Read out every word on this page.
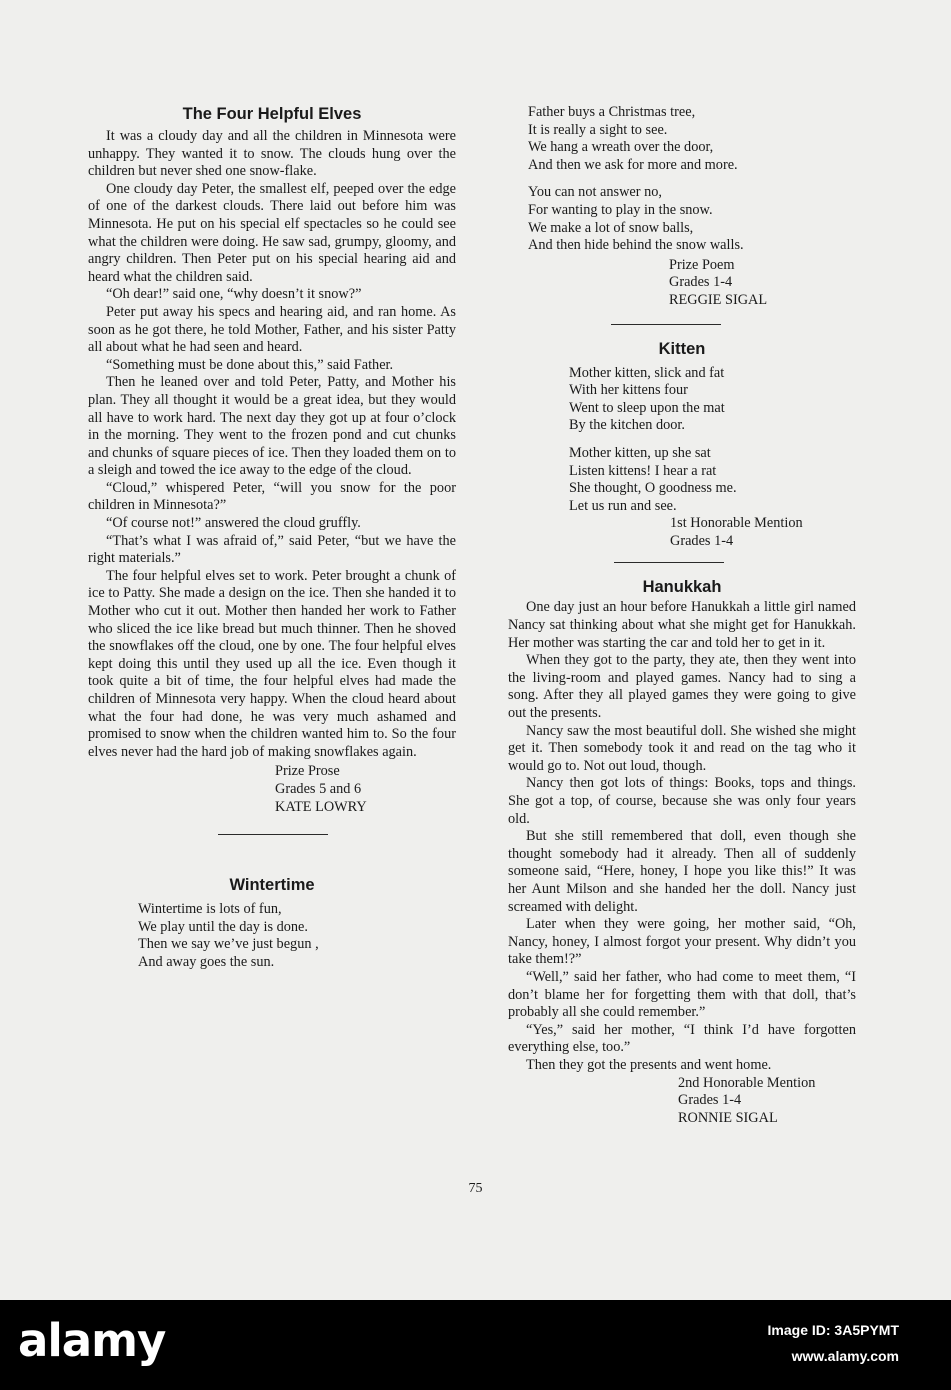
The Four Helpful Elves

It was a cloudy day and all the children in Minnesota were unhappy. They wanted it to snow. The clouds hung over the children but never shed one snow-flake.

One cloudy day Peter, the smallest elf, peeped over the edge of one of the darkest clouds. There laid out before him was Minnesota. He put on his special elf spectacles so he could see what the children were doing. He saw sad, grumpy, gloomy, and angry children. Then Peter put on his special hearing aid and heard what the children said.

“Oh dear!” said one, “why doesn’t it snow?”

Peter put away his specs and hearing aid, and ran home. As soon as he got there, he told Mother, Father, and his sister Patty all about what he had seen and heard.

“Something must be done about this,” said Father.

Then he leaned over and told Peter, Patty, and Mother his plan. They all thought it would be a great idea, but they would all have to work hard. The next day they got up at four o’clock in the morning. They went to the frozen pond and cut chunks and chunks of square pieces of ice. Then they loaded them on to a sleigh and towed the ice away to the edge of the cloud.

“Cloud,” whispered Peter, “will you snow for the poor children in Minnesota?”

“Of course not!” answered the cloud gruffly.

“That’s what I was afraid of,” said Peter, “but we have the right materials.”

The four helpful elves set to work. Peter brought a chunk of ice to Patty. She made a design on the ice. Then she handed it to Mother who cut it out. Mother then handed her work to Father who sliced the ice like bread but much thinner. Then he shoved the snowflakes off the cloud, one by one. The four helpful elves kept doing this until they used up all the ice. Even though it took quite a bit of time, the four helpful elves had made the children of Minnesota very happy. When the cloud heard about what the four had done, he was very much ashamed and promised to snow when the children wanted him to. So the four elves never had the hard job of making snowflakes again.

Prize Prose
Grades 5 and 6
KATE LOWRY
Wintertime
Wintertime is lots of fun,
We play until the day is done.
Then we say we’ve just begun ,
And away goes the sun.
Father buys a Christmas tree,
It is really a sight to see.
We hang a wreath over the door,
And then we ask for more and more.
You can not answer no,
For wanting to play in the snow.
We make a lot of snow balls,
And then hide behind the snow walls.
Prize Poem
Grades 1-4
REGGIE SIGAL
Kitten
Mother kitten, slick and fat
With her kittens four
Went to sleep upon the mat
By the kitchen door.
Mother kitten, up she sat
Listen kittens! I hear a rat
She thought, O goodness me.
Let us run and see.
1st Honorable Mention
Grades 1-4
Hanukkah

One day just an hour before Hanukkah a little girl named Nancy sat thinking about what she might get for Hanukkah. Her mother was starting the car and told her to get in it.

When they got to the party, they ate, then they went into the living-room and played games. Nancy had to sing a song. After they all played games they were going to give out the presents.

Nancy saw the most beautiful doll. She wished she might get it. Then somebody took it and read on the tag who it would go to. Not out loud, though.

Nancy then got lots of things: Books, tops and things. She got a top, of course, because she was only four years old.

But she still remembered that doll, even though she thought somebody had it already. Then all of suddenly someone said, “Here, honey, I hope you like this!” It was her Aunt Milson and she handed her the doll. Nancy just screamed with delight.

Later when they were going, her mother said, “Oh, Nancy, honey, I almost forgot your present. Why didn’t you take them!?”

“Well,” said her father, who had come to meet them, “I don’t blame her for forgetting them with that doll, that’s probably all she could remember.”

“Yes,” said her mother, “I think I’d have forgotten everything else, too.”

Then they got the presents and went home.

2nd Honorable Mention
Grades 1-4
RONNIE SIGAL
75
alamy	Image ID: 3A5PYMT
www.alamy.com
